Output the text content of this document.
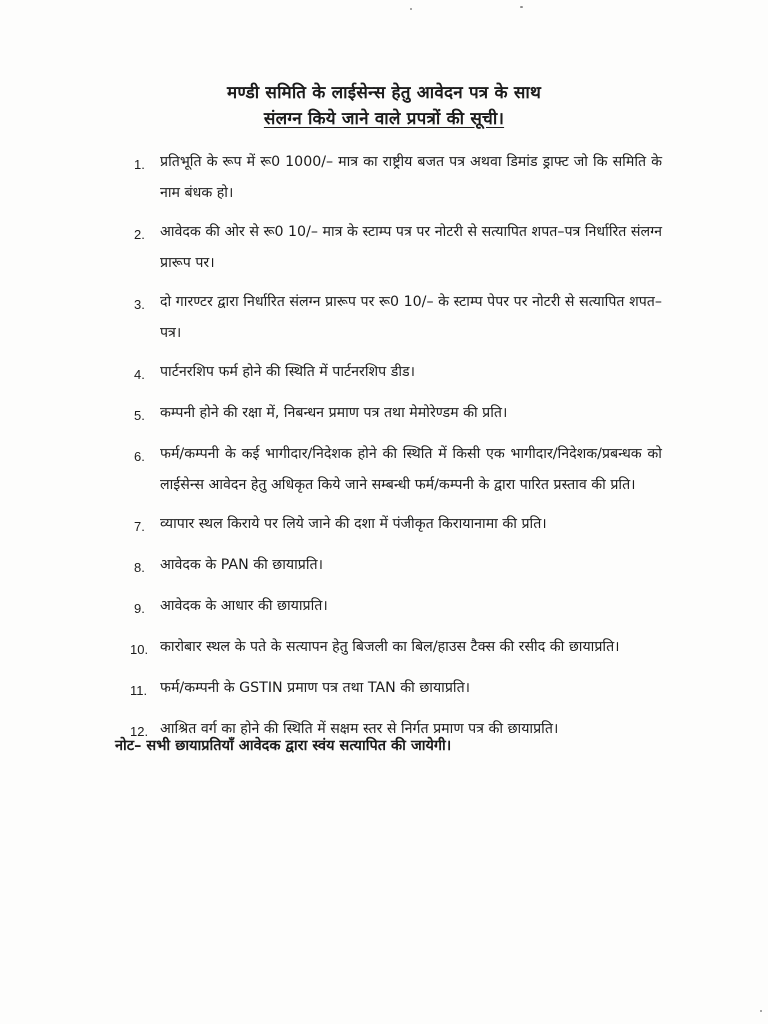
मण्डी समिति के लाईसेन्स हेतु आवेदन पत्र के साथ
संलग्न किये जाने वाले प्रपत्रों की सूची।
1.	प्रतिभूति के रूप में रू0 1000/– मात्र का राष्ट्रीय बजत पत्र अथवा डिमांड ड्राफ्ट जो कि समिति के नाम बंधक हो।
2.	आवेदक की ओर से रू0 10/– मात्र के स्टाम्प पत्र पर नोटरी से सत्यापित शपत–पत्र निर्धारित संलग्न प्रारूप पर।
3.	दो गारण्टर द्वारा निर्धारित संलग्न प्रारूप पर रू0 10/– के स्टाम्प पेपर पर नोटरी से सत्यापित शपत–पत्र।
4.	पार्टनरशिप फर्म होने की स्थिति में पार्टनरशिप डीड।
5.	कम्पनी होने की रक्षा में, निबन्धन प्रमाण पत्र तथा मेमोरेण्डम की प्रति।
6.	फर्म/कम्पनी के कई भागीदार/निदेशक होने की स्थिति में किसी एक भागीदार/निदेशक/प्रबन्धक को लाईसेन्स आवेदन हेतु अधिकृत किये जाने सम्बन्धी फर्म/कम्पनी के द्वारा पारित प्रस्ताव की प्रति।
7.	व्यापार स्थल किराये पर लिये जाने की दशा में पंजीकृत किरायानामा की प्रति।
8.	आवेदक के PAN की छायाप्रति।
9.	आवेदक के आधार की छायाप्रति।
10. कारोबार स्थल के पते के सत्यापन हेतु बिजली का बिल/हाउस टैक्स की रसीद की छायाप्रति।
11. फर्म/कम्पनी के GSTIN प्रमाण पत्र तथा TAN की छायाप्रति।
12. आश्रित वर्ग का होने की स्थिति में सक्षम स्तर से निर्गत प्रमाण पत्र की छायाप्रति।
नोट– सभी छायाप्रतियाँ आवेदक द्वारा स्वंय सत्यापित की जायेगी।
